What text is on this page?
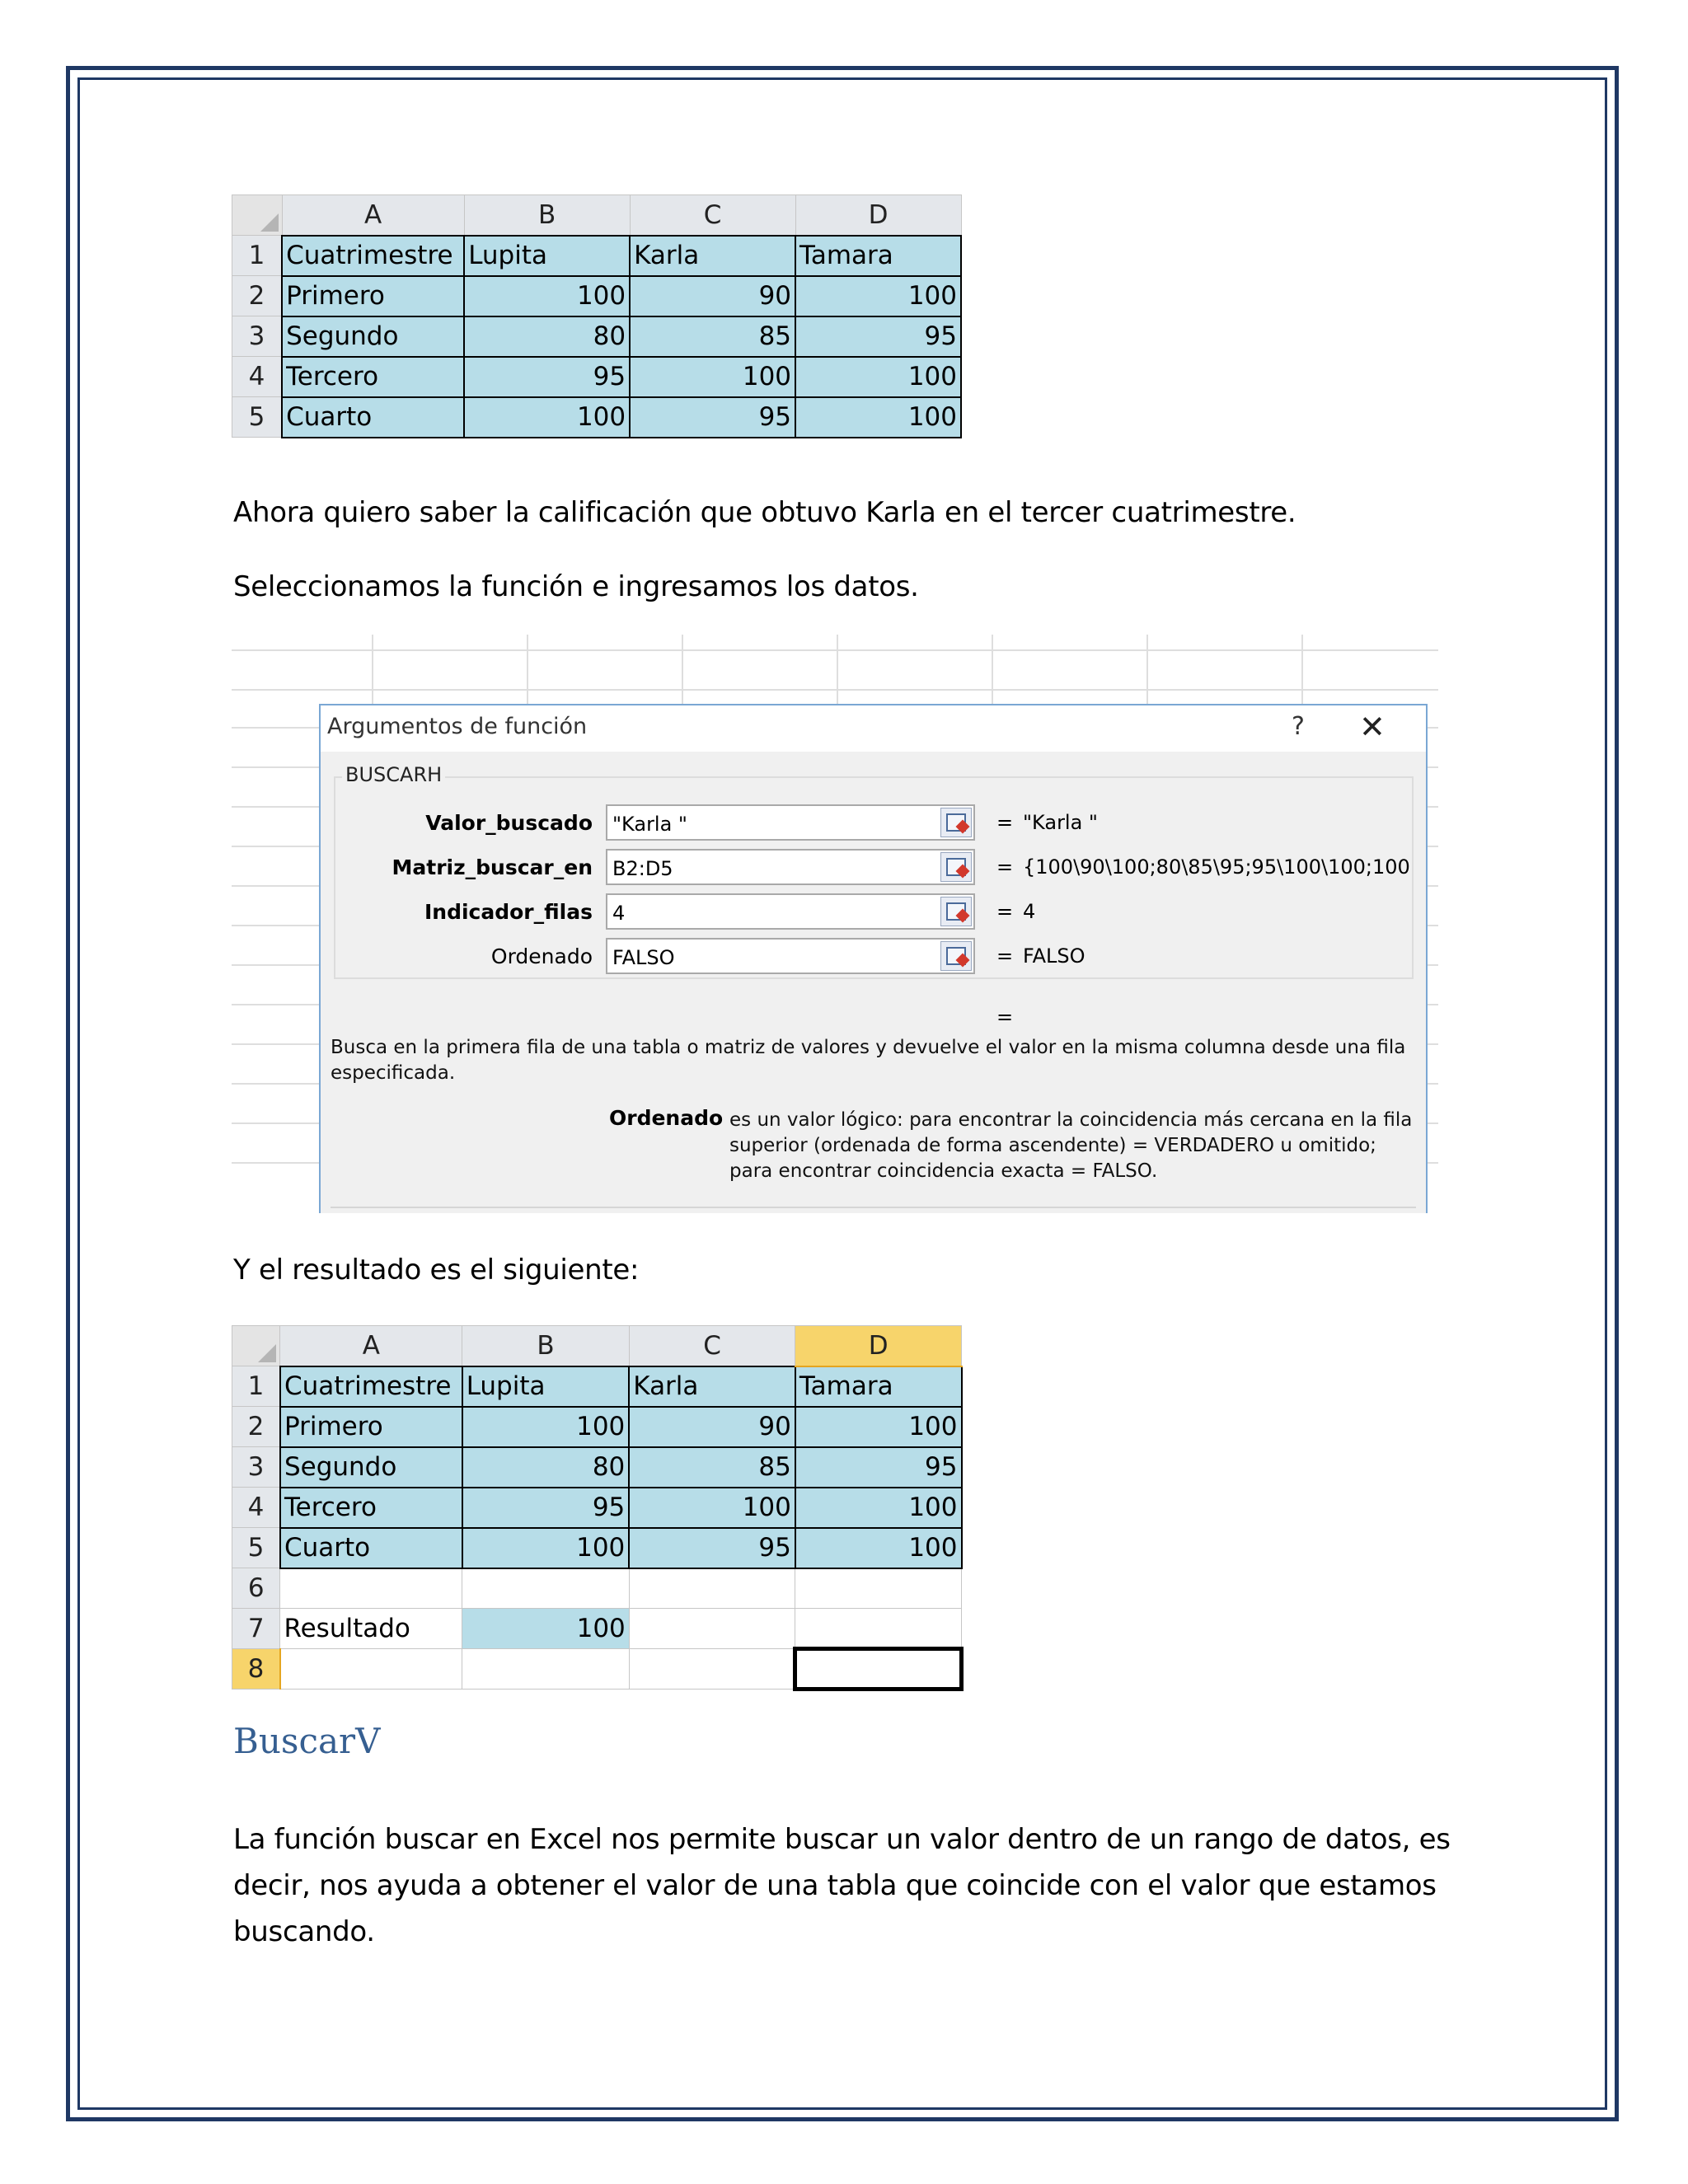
	A	B	C	D
1	Cuatrimestre	Lupita	Karla	Tamara
2	Primero	100	90	100
3	Segundo	80	85	95
4	Tercero	95	100	100
5	Cuarto	100	95	100

Ahora quiero saber la calificación que obtuvo Karla en el tercer cuatrimestre.

Seleccionamos la función e ingresamos los datos.

Argumentos de función	? ✕
BUSCARH
Valor_buscado	"Karla "	= "Karla "
Matriz_buscar_en	B2:D5	= {100\90\100;80\85\95;95\100\100;100
Indicador_filas	4	= 4
Ordenado	FALSO	= FALSO
=
Busca en la primera fila de una tabla o matriz de valores y devuelve el valor en la misma columna desde una fila especificada.
Ordenado es un valor lógico: para encontrar la coincidencia más cercana en la fila superior (ordenada de forma ascendente) = VERDADERO u omitido; para encontrar coincidencia exacta = FALSO.

Y el resultado es el siguiente:

	A	B	C	D
1	Cuatrimestre	Lupita	Karla	Tamara
2	Primero	100	90	100
3	Segundo	80	85	95
4	Tercero	95	100	100
5	Cuarto	100	95	100
6				
7	Resultado	100		
8				
BuscarV

La función buscar en Excel nos permite buscar un valor dentro de un rango de datos, es decir, nos ayuda a obtener el valor de una tabla que coincide con el valor que estamos buscando.
